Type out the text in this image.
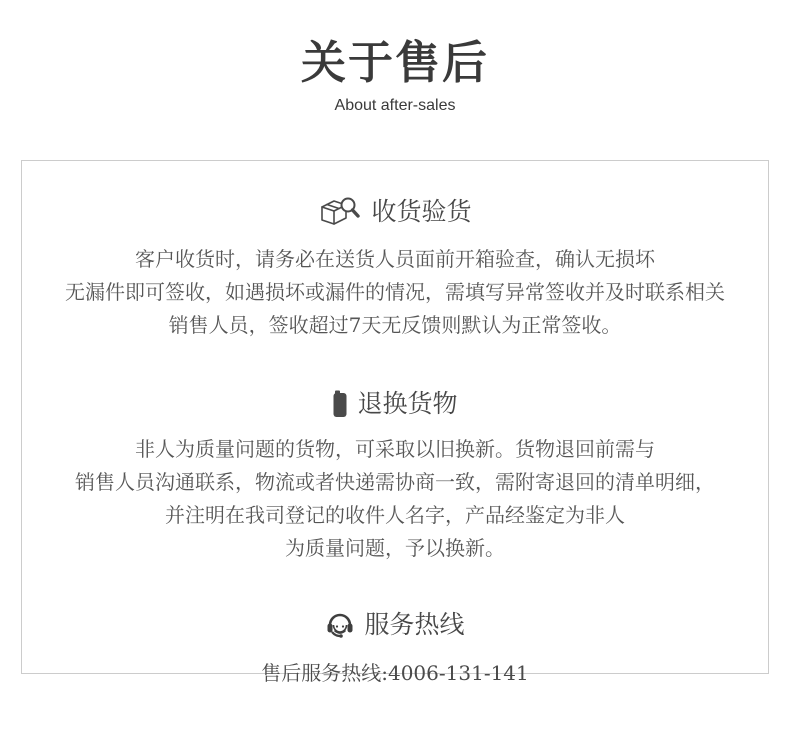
关于售后
About after-sales
收货验货
客户收货时，请务必在送货人员面前开箱验查，确认无损坏
无漏件即可签收，如遇损坏或漏件的情况，需填写异常签收并及时联系相关
销售人员，签收超过7天无反馈则默认为正常签收。
退换货物
非人为质量问题的货物，可采取以旧换新。货物退回前需与
销售人员沟通联系，物流或者快递需协商一致，需附寄退回的清单明细，
并注明在我司登记的收件人名字，产品经鉴定为非人
为质量问题，予以换新。
服务热线
售后服务热线:4006-131-141
